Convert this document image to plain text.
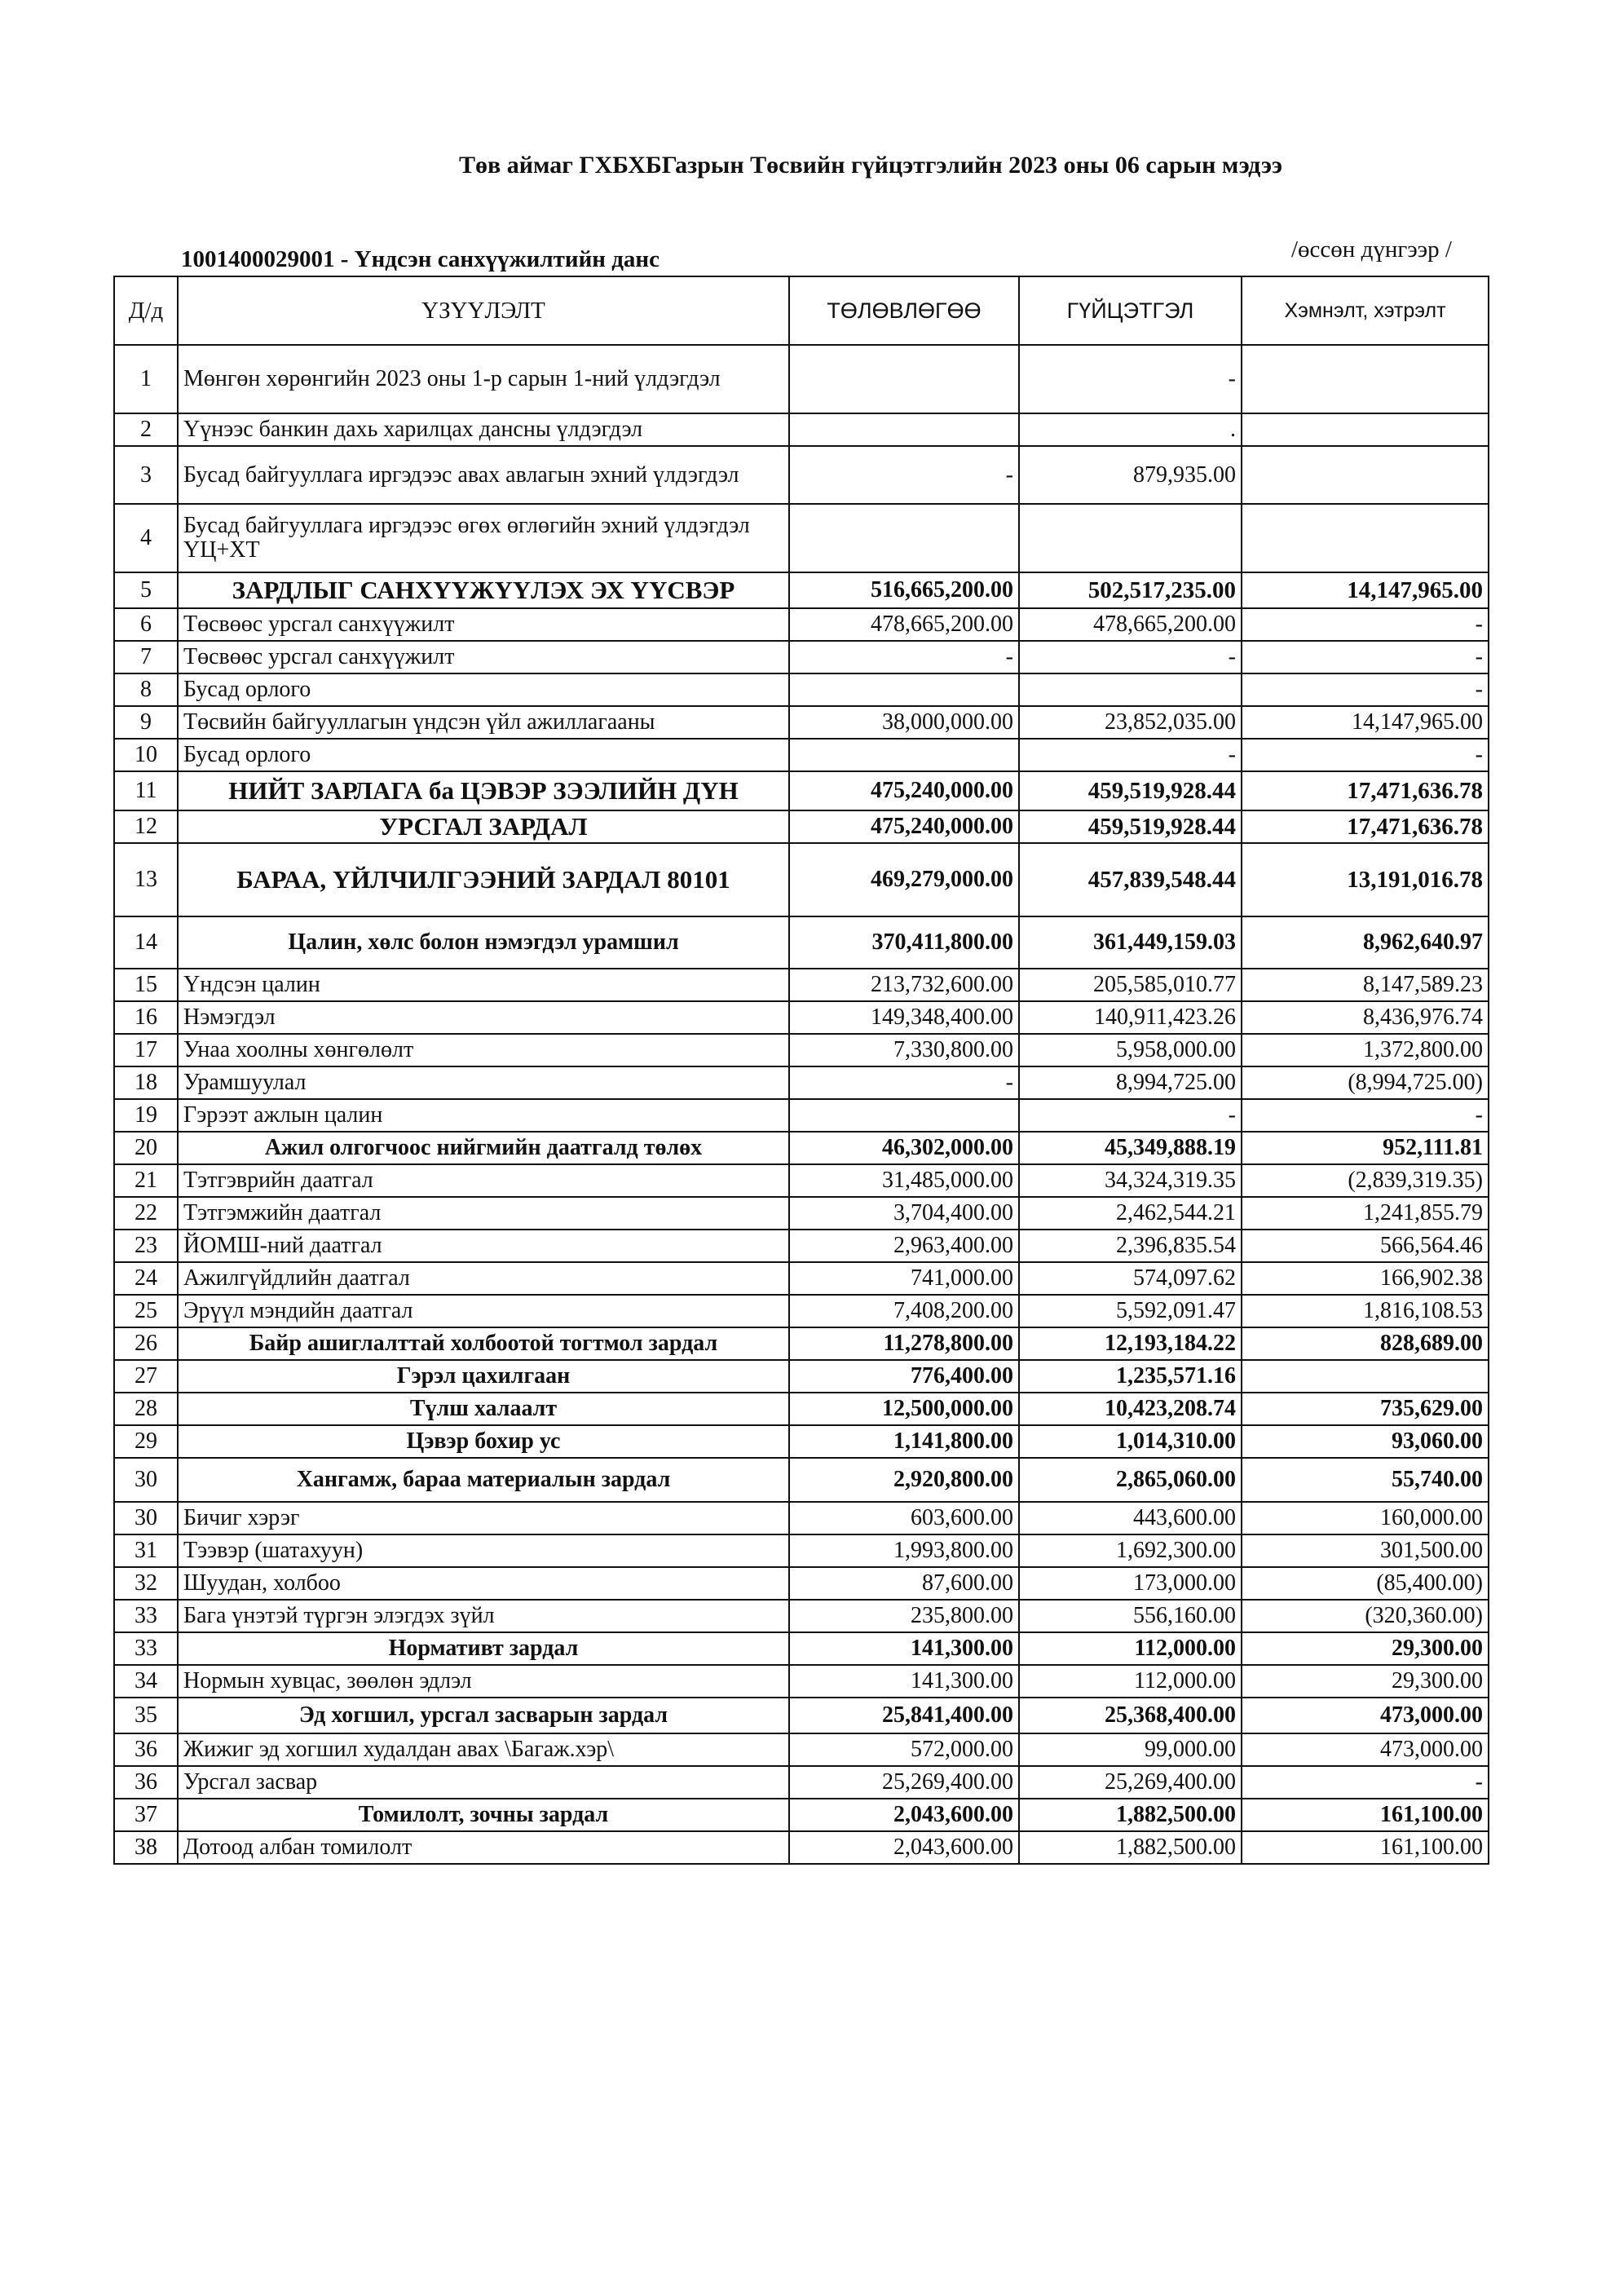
Төв аймаг ГХБХБГазрын Төсвийн гүйцэтгэлийн 2023 оны 06 сарын мэдээ
1001400029001 - Үндсэн санхүүжилтийн данс	/өссөн дүнгээр /
Д/д	ҮЗҮҮЛЭЛТ	ТӨЛӨВЛӨГӨӨ	ГҮЙЦЭТГЭЛ	Хэмнэлт, хэтрэлт
1	Мөнгөн хөрөнгийн 2023 оны 1-р сарын 1-ний үлдэгдэл		-	
2	Үүнээс банкин дахь харилцах дансны үлдэгдэл		.	
3	Бусад байгууллага иргэдээс авах авлагын эхний үлдэгдэл	-	879,935.00	
4	Бусад байгууллага иргэдээс өгөх өглөгийн эхний үлдэгдэл ҮЦ+ХТ			
5	ЗАРДЛЫГ САНХҮҮЖҮҮЛЭХ ЭХ ҮҮСВЭР	516,665,200.00	502,517,235.00	14,147,965.00
6	Төсвөөс урсгал санхүүжилт	478,665,200.00	478,665,200.00	-
7	Төсвөөс урсгал санхүүжилт	-	-	-
8	Бусад орлого			-
9	Төсвийн байгууллагын үндсэн үйл ажиллагааны	38,000,000.00	23,852,035.00	14,147,965.00
10	Бусад орлого		-	-
11	НИЙТ ЗАРЛАГА ба ЦЭВЭР ЗЭЭЛИЙН ДҮН	475,240,000.00	459,519,928.44	17,471,636.78
12	УРСГАЛ ЗАРДАЛ	475,240,000.00	459,519,928.44	17,471,636.78
13	БАРАА, ҮЙЛЧИЛГЭЭНИЙ ЗАРДАЛ 80101	469,279,000.00	457,839,548.44	13,191,016.78
14	Цалин, хөлс болон нэмэгдэл урамшил	370,411,800.00	361,449,159.03	8,962,640.97
15	Үндсэн цалин	213,732,600.00	205,585,010.77	8,147,589.23
16	Нэмэгдэл	149,348,400.00	140,911,423.26	8,436,976.74
17	Унаа хоолны хөнгөлөлт	7,330,800.00	5,958,000.00	1,372,800.00
18	Урамшуулал	-	8,994,725.00	(8,994,725.00)
19	Гэрээт ажлын цалин		-	-
20	Ажил олгогчоос нийгмийн даатгалд төлөх	46,302,000.00	45,349,888.19	952,111.81
21	Тэтгэврийн даатгал	31,485,000.00	34,324,319.35	(2,839,319.35)
22	Тэтгэмжийн даатгал	3,704,400.00	2,462,544.21	1,241,855.79
23	ЙОМШ-ний даатгал	2,963,400.00	2,396,835.54	566,564.46
24	Ажилгүйдлийн даатгал	741,000.00	574,097.62	166,902.38
25	Эрүүл мэндийн даатгал	7,408,200.00	5,592,091.47	1,816,108.53
26	Байр ашиглалттай холбоотой тогтмол зардал	11,278,800.00	12,193,184.22	828,689.00
27	Гэрэл цахилгаан	776,400.00	1,235,571.16	
28	Түлш халаалт	12,500,000.00	10,423,208.74	735,629.00
29	Цэвэр бохир ус	1,141,800.00	1,014,310.00	93,060.00
30	Хангамж, бараа материалын зардал	2,920,800.00	2,865,060.00	55,740.00
30	Бичиг хэрэг	603,600.00	443,600.00	160,000.00
31	Тээвэр (шатахуун)	1,993,800.00	1,692,300.00	301,500.00
32	Шуудан, холбоо	87,600.00	173,000.00	(85,400.00)
33	Бага үнэтэй түргэн элэгдэх зүйл	235,800.00	556,160.00	(320,360.00)
33	Нормативт зардал	141,300.00	112,000.00	29,300.00
34	Нормын хувцас, зөөлөн эдлэл	141,300.00	112,000.00	29,300.00
35	Эд хогшил, урсгал засварын зардал	25,841,400.00	25,368,400.00	473,000.00
36	Жижиг эд хогшил худалдан авах \Багаж.хэр\	572,000.00	99,000.00	473,000.00
36	Урсгал засвар	25,269,400.00	25,269,400.00	-
37	Томилолт, зочны зардал	2,043,600.00	1,882,500.00	161,100.00
38	Дотоод албан томилолт	2,043,600.00	1,882,500.00	161,100.00
